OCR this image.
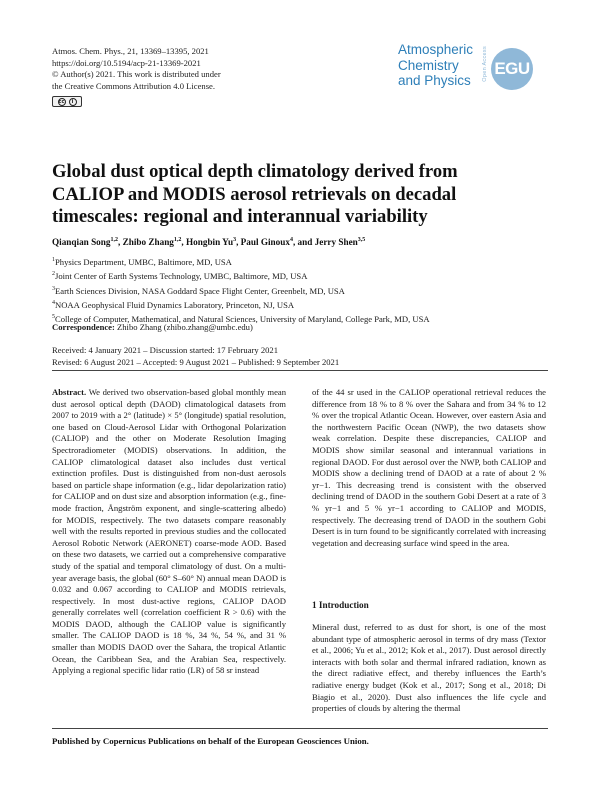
Atmos. Chem. Phys., 21, 13369–13395, 2021
https://doi.org/10.5194/acp-21-13369-2021
© Author(s) 2021. This work is distributed under
the Creative Commons Attribution 4.0 License.
cc	i
Atmospheric
Chemistry
and Physics	Open Access EGU
Global dust optical depth climatology derived from CALIOP and MODIS aerosol retrievals on decadal timescales: regional and interannual variability
Qianqian Song$^{1,2}$, Zhibo Zhang$^{1,2}$, Hongbin Yu$^3$, Paul Ginoux$^4$, and Jerry Shen$^{3,5}$
$^1$Physics Department, UMBC, Baltimore, MD, USA
$^2$Joint Center of Earth Systems Technology, UMBC, Baltimore, MD, USA
$^3$Earth Sciences Division, NASA Goddard Space Flight Center, Greenbelt, MD, USA
$^4$NOAA Geophysical Fluid Dynamics Laboratory, Princeton, NJ, USA
$^5$College of Computer, Mathematical, and Natural Sciences, University of Maryland, College Park, MD, USA
Correspondence: Zhibo Zhang (zhibo.zhang@umbc.edu)
Received: 4 January 2021 – Discussion started: 17 February 2021
Revised: 6 August 2021 – Accepted: 9 August 2021 – Published: 9 September 2021

Abstract. We derived two observation-based global monthly mean dust aerosol optical depth (DAOD) climatological datasets from 2007 to 2019 with a 2° (latitude) × 5° (longitude) spatial resolution, one based on Cloud-Aerosol Lidar with Orthogonal Polarization (CALIOP) and the other on Moderate Resolution Imaging Spectroradiometer (MODIS) observations. In addition, the CALIOP climatological dataset also includes dust vertical extinction profiles. Dust is distinguished from non-dust aerosols based on particle shape information (e.g., lidar depolarization ratio) for CALIOP and on dust size and absorption information (e.g., fine-mode fraction, Ångström exponent, and single-scattering albedo) for MODIS, respectively. The two datasets compare reasonably well with the results reported in previous studies and the collocated Aerosol Robotic Network (AERONET) coarse-mode AOD. Based on these two datasets, we carried out a comprehensive comparative study of the spatial and temporal climatology of dust. On a multi-year average basis, the global (60° S–60° N) annual mean DAOD is 0.032 and 0.067 according to CALIOP and MODIS retrievals, respectively. In most dust-active regions, CALIOP DAOD generally correlates well (correlation coefficient R > 0.6) with the MODIS DAOD, although the CALIOP value is significantly smaller. The CALIOP DAOD is 18 %, 34 %, 54 %, and 31 % smaller than MODIS DAOD over the Sahara, the tropical Atlantic Ocean, the Caribbean Sea, and the Arabian Sea, respectively. Applying a regional specific lidar ratio (LR) of 58 sr instead

of the 44 sr used in the CALIOP operational retrieval reduces the difference from 18 % to 8 % over the Sahara and from 34 % to 12 % over the tropical Atlantic Ocean. However, over eastern Asia and the northwestern Pacific Ocean (NWP), the two datasets show weak correlation. Despite these discrepancies, CALIOP and MODIS show similar seasonal and interannual variations in regional DAOD. For dust aerosol over the NWP, both CALIOP and MODIS show a declining trend of DAOD at a rate of about 2 % yr−1. This decreasing trend is consistent with the observed declining trend of DAOD in the southern Gobi Desert at a rate of 3 % yr−1 and 5 % yr−1 according to CALIOP and MODIS, respectively. The decreasing trend of DAOD in the southern Gobi Desert is in turn found to be significantly correlated with increasing vegetation and decreasing surface wind speed in the area.

1 Introduction

Mineral dust, referred to as dust for short, is one of the most abundant type of atmospheric aerosol in terms of dry mass (Textor et al., 2006; Yu et al., 2012; Kok et al., 2017). Dust aerosol directly interacts with both solar and thermal infrared radiation, known as the direct radiative effect, and thereby influences the Earth’s radiative energy budget (Kok et al., 2017; Song et al., 2018; Di Biagio et al., 2020). Dust also influences the life cycle and properties of clouds by altering the thermal

Published by Copernicus Publications on behalf of the European Geosciences Union.
